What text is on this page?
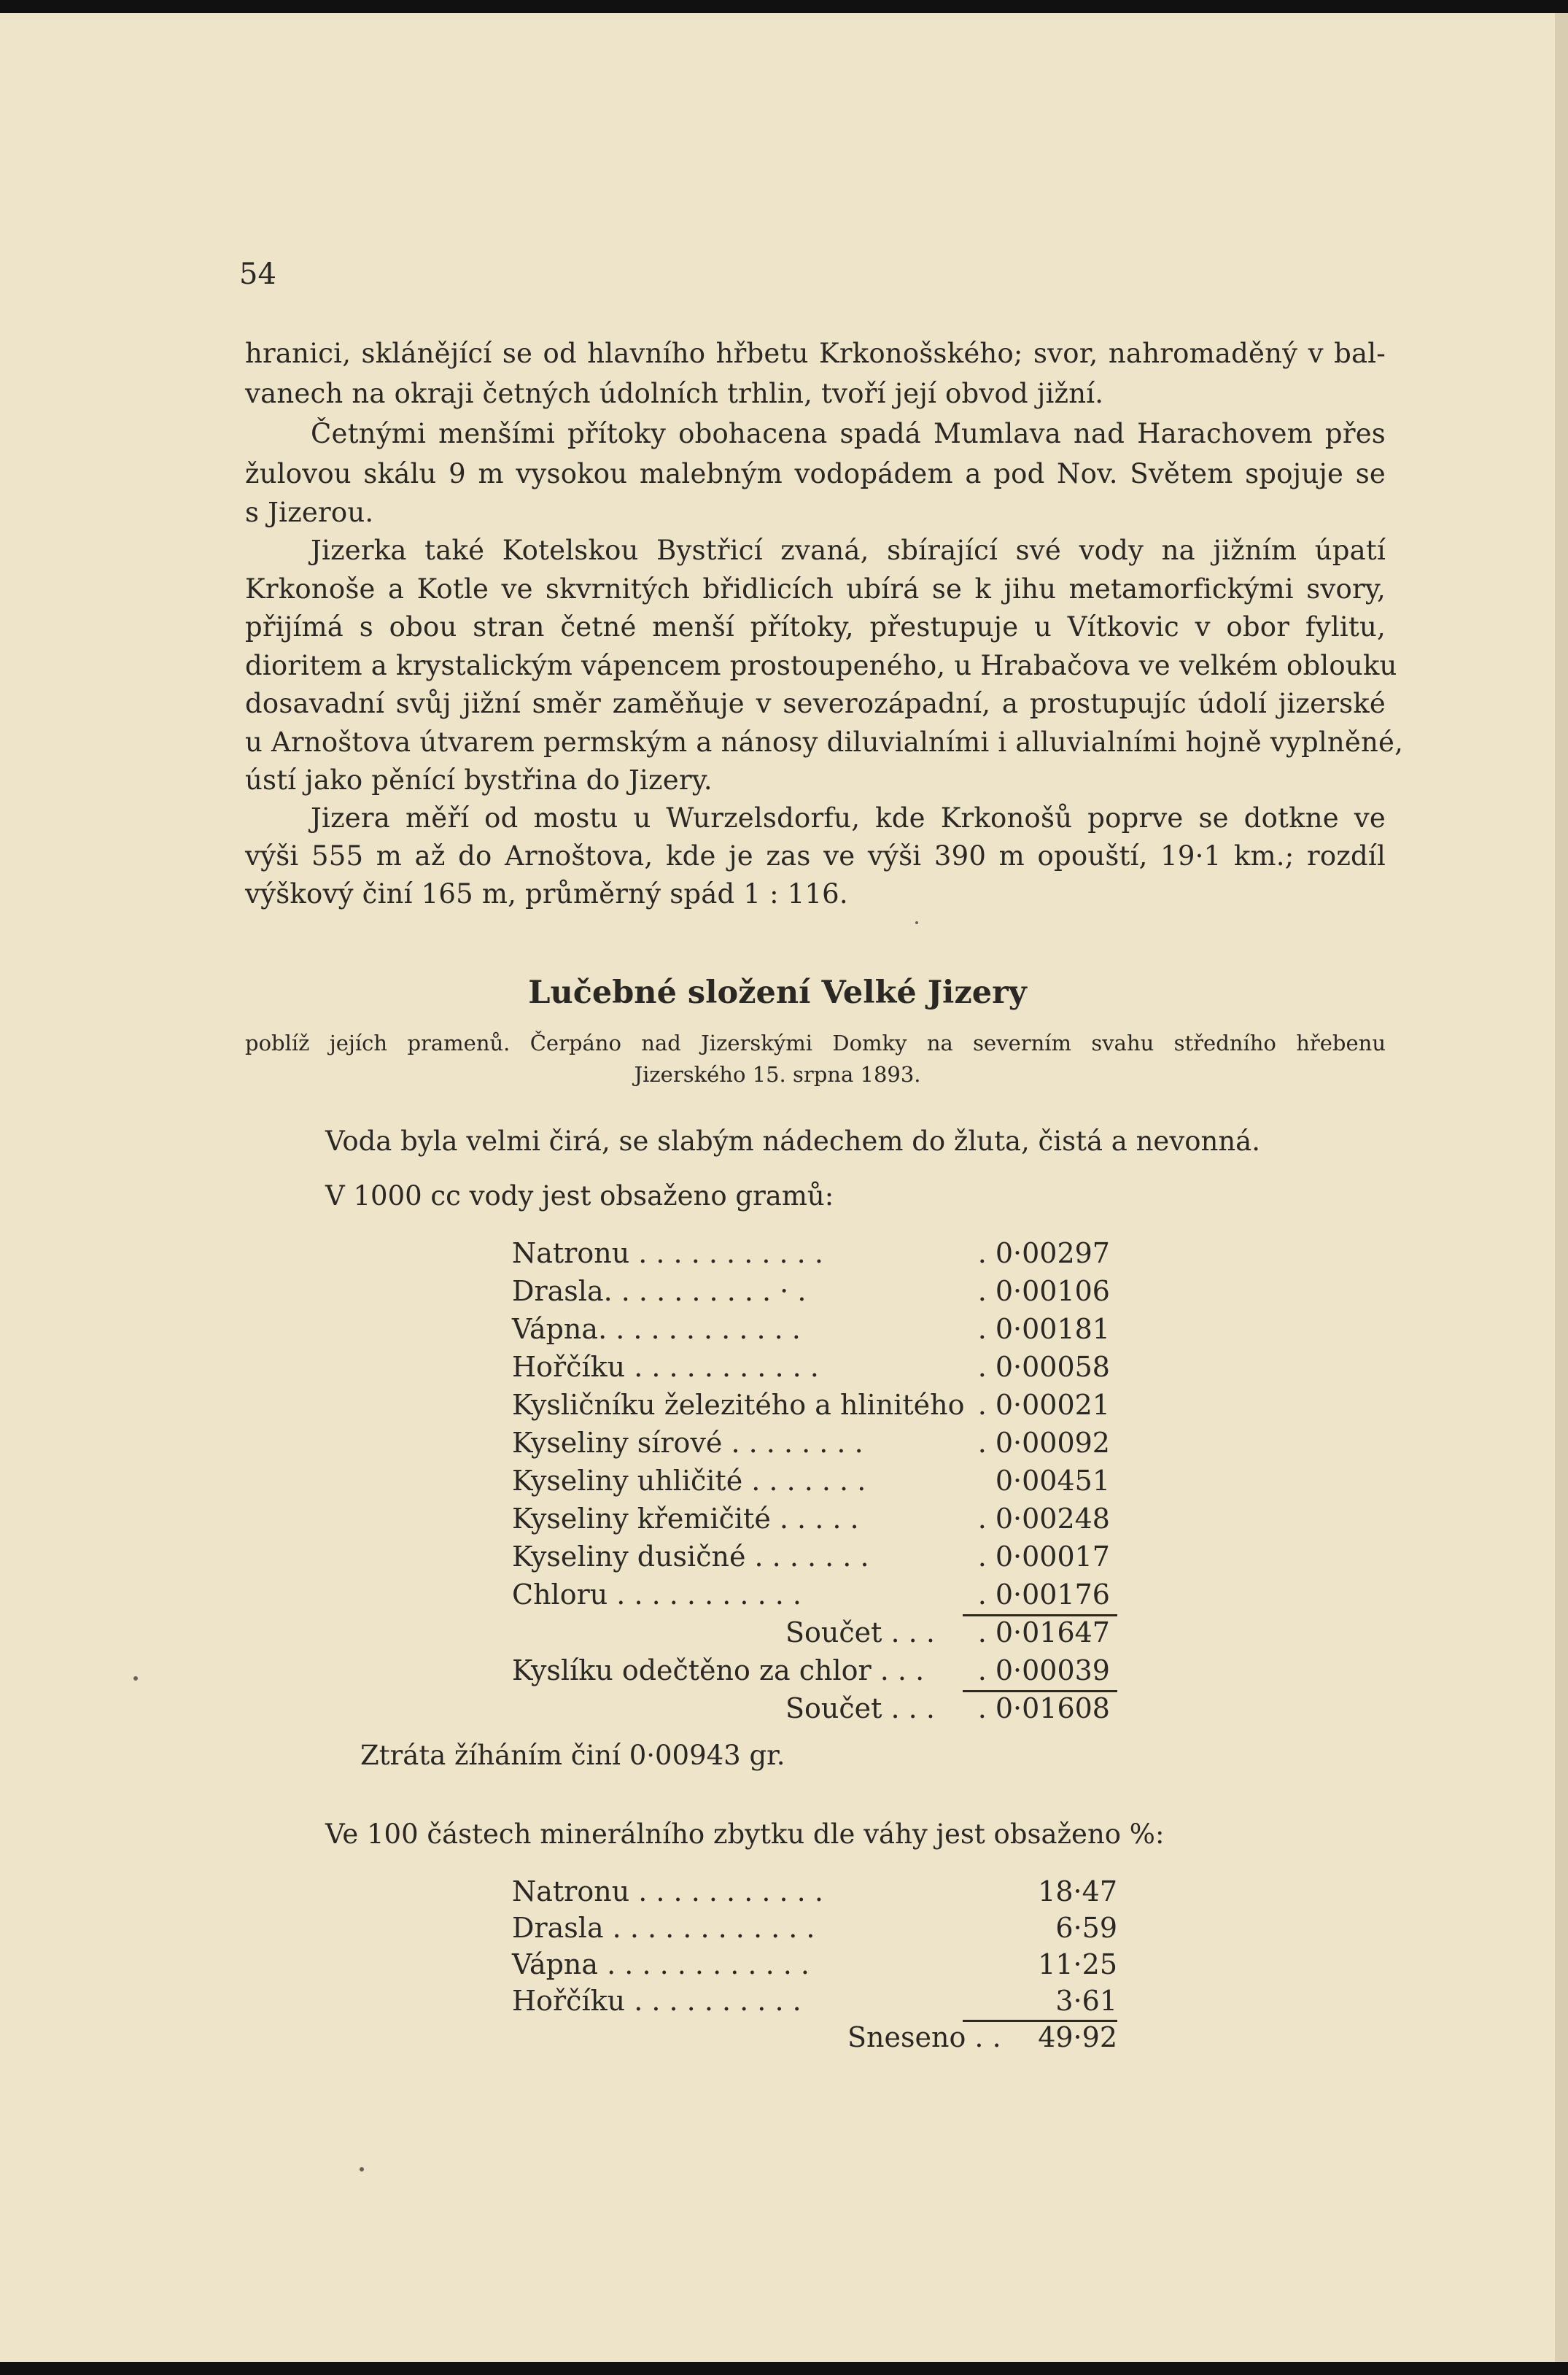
54
hranici, sklánějící se od hlavního hřbetu Krkonošského; svor, nahromaděný v bal-
vanech na okraji četných údolních trhlin, tvoří její obvod jižní.
Četnými menšími přítoky obohacena spadá Mumlava nad Harachovem přes
žulovou skálu 9 m vysokou malebným vodopádem a pod Nov. Světem spojuje se
s Jizerou.
Jizerka také Kotelskou Bystřicí zvaná, sbírající své vody na jižním úpatí
Krkonoše a Kotle ve skvrnitých břidlicích ubírá se k jihu metamorfickými svory,
přijímá s obou stran četné menší přítoky, přestupuje u Vítkovic v obor fylitu,
dioritem a krystalickým vápencem prostoupeného, u Hrabačova ve velkém oblouku
dosavadní svůj jižní směr zaměňuje v severozápadní, a prostupujíc údolí jizerské
u Arnoštova útvarem permským a nánosy diluvialními i alluvialními hojně vyplněné,
ústí jako pěnící bystřina do Jizery.
Jizera měří od mostu u Wurzelsdorfu, kde Krkonošů poprve se dotkne ve
výši 555 m až do Arnoštova, kde je zas ve výši 390 m opouští, 19·1 km.; rozdíl
výškový činí 165 m, průměrný spád 1 : 116.
Lučebné složení Velké Jizery
poblíž jejích pramenů. Čerpáno nad Jizerskými Domky na severním svahu středního hřebenu
Jizerského 15. srpna 1893.
Voda byla velmi čirá, se slabým nádechem do žluta, čistá a nevonná.
V 1000 cc vody jest obsaženo gramů:
Natronu . . . . . . . . . . .	. 0·00297
Drasla. . . . . . . . . . · .	. 0·00106
Vápna. . . . . . . . . . . .	. 0·00181
Hořčíku . . . . . . . . . . .	. 0·00058
Kysličníku železitého a hlinitého . 0·00021
Kyseliny sírové . . . . . . . .	. 0·00092
Kyseliny uhličité . . . . . . .	0·00451
Kyseliny křemičité . . . . .	. 0·00248
Kyseliny dusičné . . . . . . .	. 0·00017
Chloru . . . . . . . . . . .	. 0·00176
Součet . . . . 0·01647
Kyslíku odečtěno za chlor . . . . 0·00039
Součet . . . . 0·01608
Ztráta žíháním činí 0·00943 gr.
Ve 100 částech minerálního zbytku dle váhy jest obsaženo %:
Natronu . . . . . . . . . . .	18·47
Drasla . . . . . . . . . . . .	6·59
Vápna . . . . . . . . . . . .	11·25
Hořčíku . . . . . . . . . .	3·61
Sneseno . . 49·92
